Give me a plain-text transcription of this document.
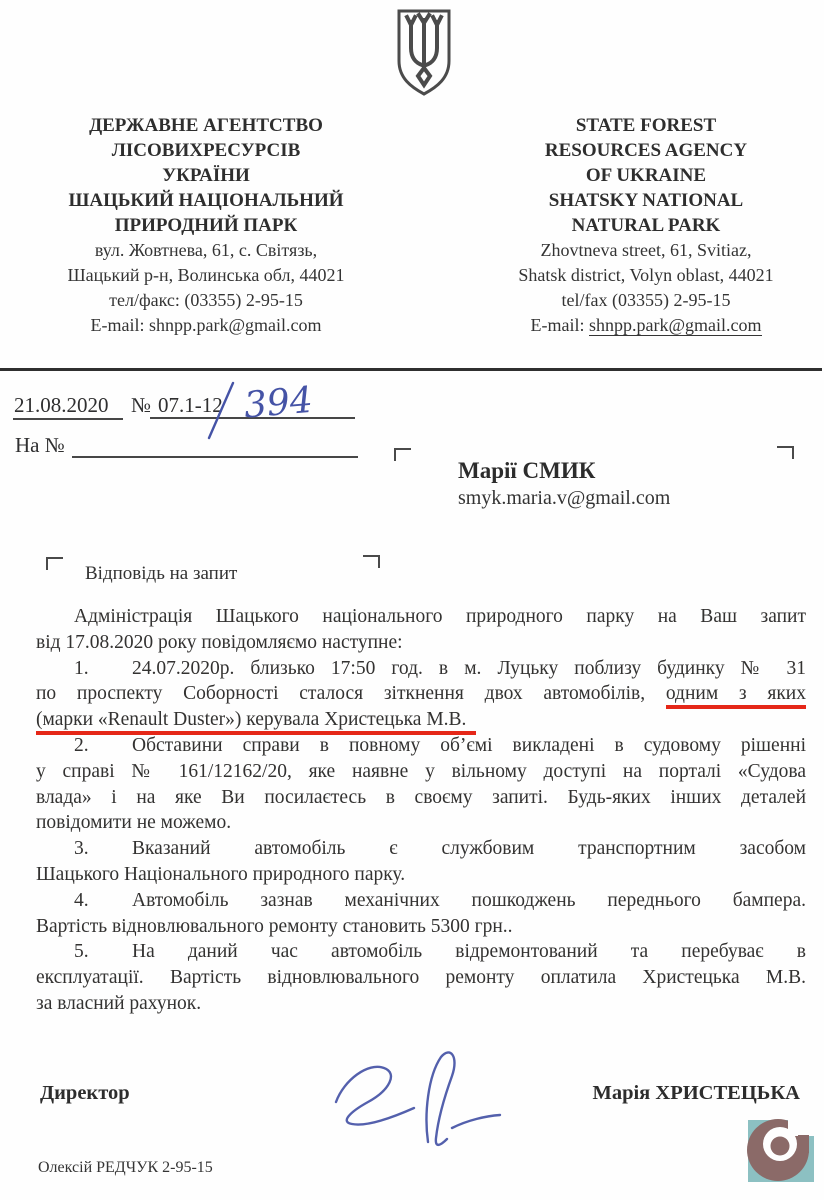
ДЕРЖАВНЕ АГЕНТСТВО
ЛІСОВИХРЕСУРСІВ
УКРАЇНИ
ШАЦЬКИЙ НАЦІОНАЛЬНИЙ
ПРИРОДНИЙ ПАРК
вул. Жовтнева, 61, с. Світязь,
Шацький р-н, Волинська обл, 44021
тел/факс: (03355) 2-95-15
E-mail: shnpp.park@gmail.com
STATE FOREST
RESOURCES AGENCY
OF UKRAINE
SHATSKY NATIONAL
NATURAL PARK
Zhovtneva street, 61, Svitiaz,
Shatsk district, Volyn oblast, 44021
tel/fax (03355) 2-95-15
E-mail: shnpp.park@gmail.com
21.08.2020 № 07.1-12 394
На №
Марії СМИК
smyk.maria.v@gmail.com
Відповідь на запит
Адміністрація Шацького національного природного парку на Ваш запит
від 17.08.2020 року повідомляємо наступне:
1. 24.07.2020р. близько 17:50 год. в м. Луцьку поблизу будинку № 31
по проспекту Соборності сталося зіткнення двох автомобілів, одним з яких
(марки «Renault Duster») керувала Христецька М.В.
2. Обставини справи в повному об’ємі викладені в судовому рішенні
у справі № 161/12162/20, яке наявне у вільному доступі на порталі «Судова
влада» і на яке Ви посилаєтесь в своєму запиті. Будь-яких інших деталей
повідомити не можемо.
3. Вказаний автомобіль є службовим транспортним засобом
Шацького Національного природного парку.
4. Автомобіль зазнав механічних пошкоджень переднього бампера.
Вартість відновлювального ремонту становить 5300 грн..
5. На даний час автомобіль відремонтований та перебуває в
експлуатації. Вартість відновлювального ремонту оплатила Христецька М.В.
за власний рахунок.
Директор	Марія ХРИСТЕЦЬКА
Олексій РЕДЧУК 2-95-15
